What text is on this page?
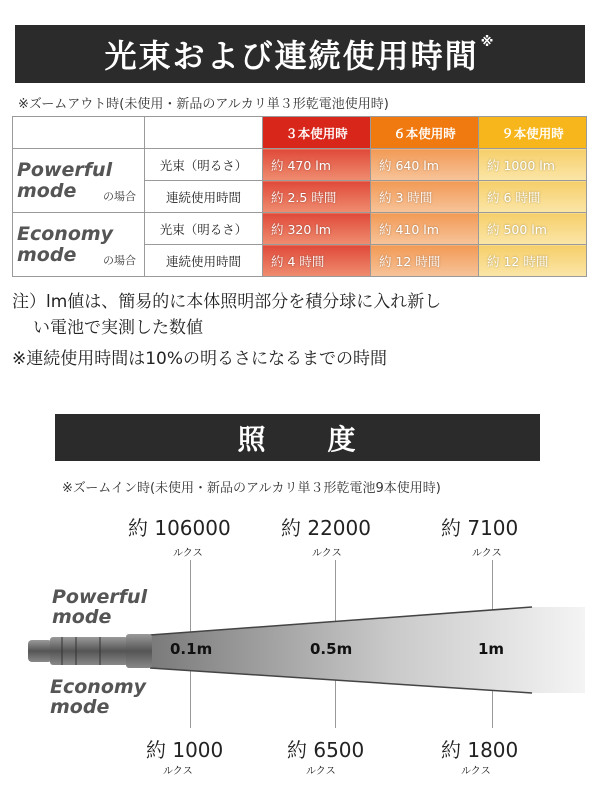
光束および連続使用時間※
※ズームアウト時(未使用・新品のアルカリ単３形乾電池使用時)
		３本使用時	６本使用時	９本使用時

Powerful
mode の場合	光束（明るさ）	約 470 lm	約 640 lm	約 1000 lm
	連続使用時間	約 2.5 時間	約 3 時間	約 6 時間

Economy
mode の場合	光束（明るさ）	約 320 lm	約 410 lm	約 500 lm
	連続使用時間	約 4 時間	約 12 時間	約 12 時間
注）lm値は、簡易的に本体照明部分を積分球に入れ新し
い電池で実測した数値
※連続使用時間は10%の明るさになるまでの時間
照　　度
※ズームイン時(未使用・新品のアルカリ単３形乾電池9本使用時)
約 106000
ルクス
約 22000
ルクス
約 7100
ルクス
Powerful
mode
Economy
mode
0.1m	0.5m	1m
約 1000
ルクス
約 6500
ルクス
約 1800
ルクス
